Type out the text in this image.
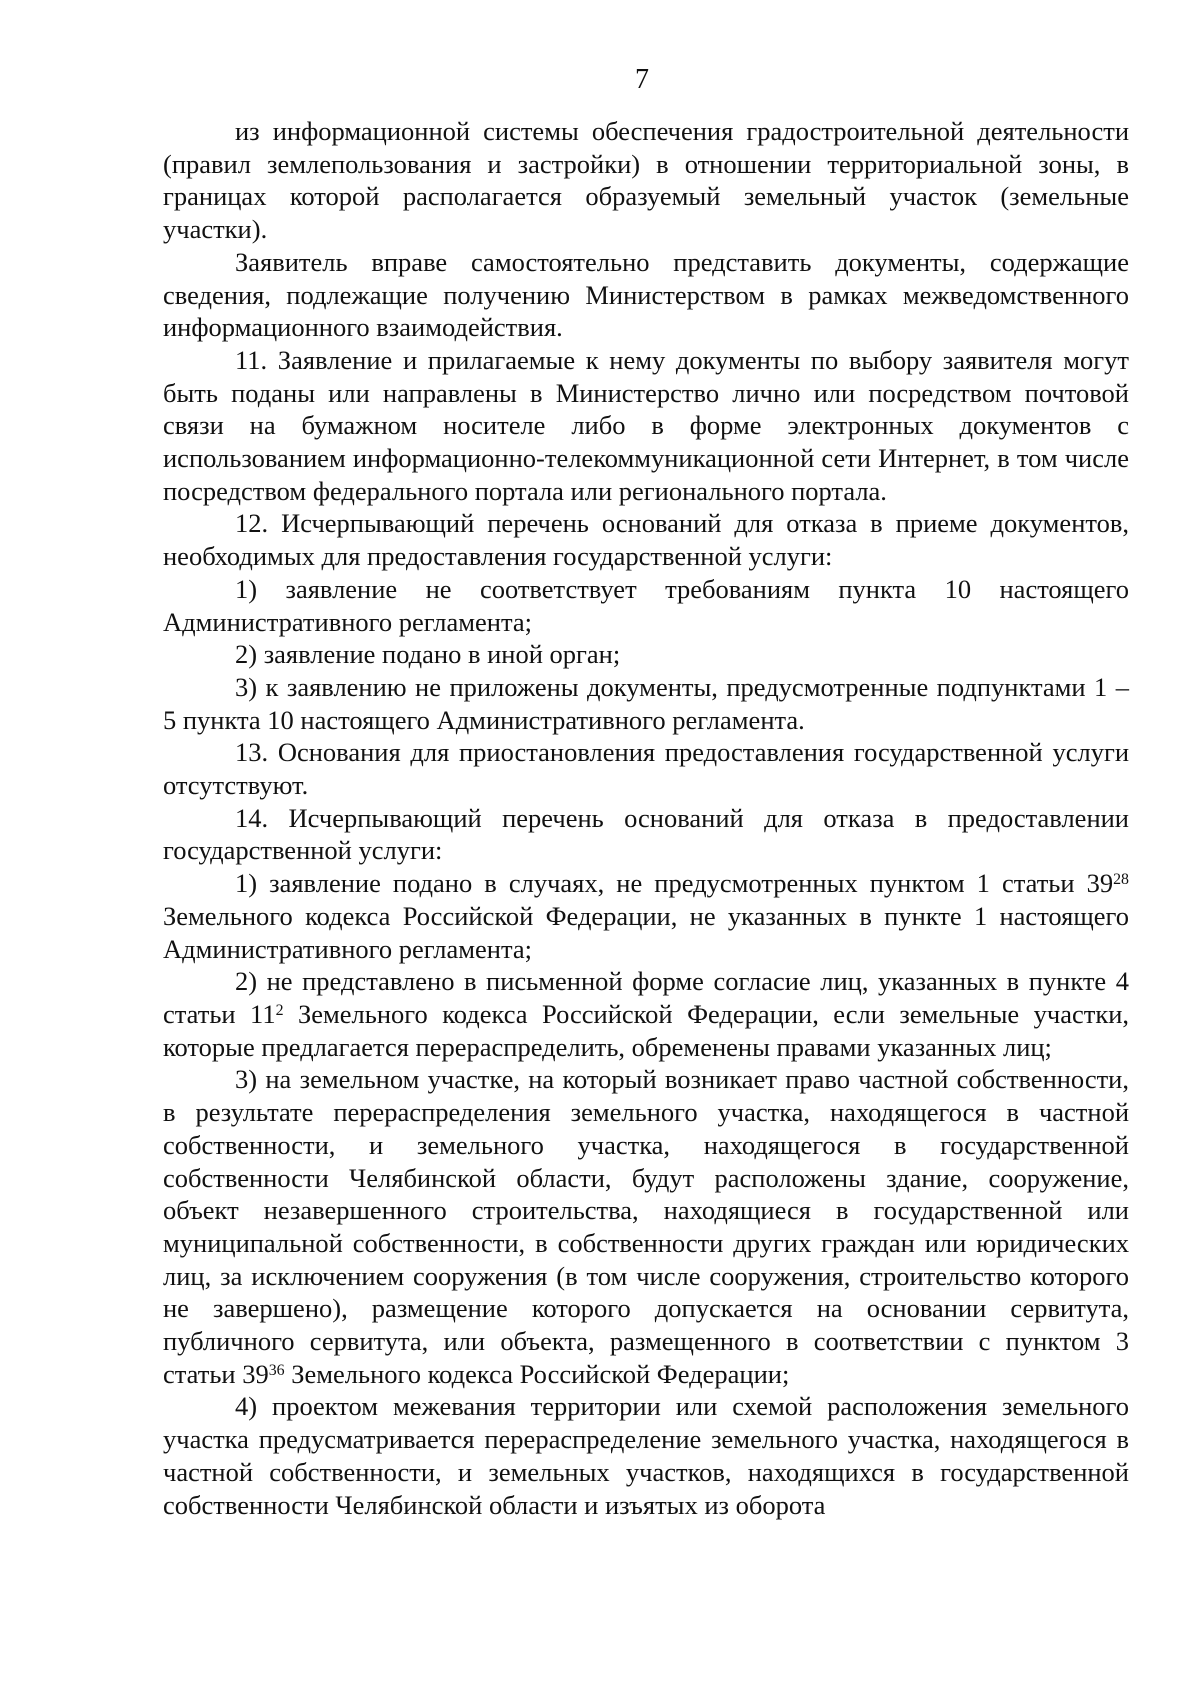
7

из информационной системы обеспечения градостроительной деятельности (правил землепользования и застройки) в отношении территориальной зоны, в границах которой располагается образуемый земельный участок (земельные участки).

Заявитель вправе самостоятельно представить документы, содержащие сведения, подлежащие получению Министерством в рамках межведомственного информационного взаимодействия.

11. Заявление и прилагаемые к нему документы по выбору заявителя могут быть поданы или направлены в Министерство лично или посредством почтовой связи на бумажном носителе либо в форме электронных документов с использованием информационно-телекоммуникационной сети Интернет, в том числе посредством федерального портала или регионального портала.

12. Исчерпывающий перечень оснований для отказа в приеме документов, необходимых для предоставления государственной услуги:

1) заявление не соответствует требованиям пункта 10 настоящего Административного регламента;

2) заявление подано в иной орган;

3) к заявлению не приложены документы, предусмотренные подпунктами 1 – 5 пункта 10 настоящего Административного регламента.

13. Основания для приостановления предоставления государственной услуги отсутствуют.

14. Исчерпывающий перечень оснований для отказа в предоставлении государственной услуги:

1) заявление подано в случаях, не предусмотренных пунктом 1 статьи $39^{28}$ Земельного кодекса Российской Федерации, не указанных в пункте 1 настоящего Административного регламента;

2) не представлено в письменной форме согласие лиц, указанных в пункте 4 статьи $11^2$ Земельного кодекса Российской Федерации, если земельные участки, которые предлагается перераспределить, обременены правами указанных лиц;

3) на земельном участке, на который возникает право частной собственности, в результате перераспределения земельного участка, находящегося в частной собственности, и земельного участка, находящегося в государственной собственности Челябинской области, будут расположены здание, сооружение, объект незавершенного строительства, находящиеся в государственной или муниципальной собственности, в собственности других граждан или юридических лиц, за исключением сооружения (в том числе сооружения, строительство которого не завершено), размещение которого допускается на основании сервитута, публичного сервитута, или объекта, размещенного в соответствии с пунктом 3 статьи $39^{36}$ Земельного кодекса Российской Федерации;

4) проектом межевания территории или схемой расположения земельного участка предусматривается перераспределение земельного участка, находящегося в частной собственности, и земельных участков, находящихся в государственной собственности Челябинской области и изъятых из оборота
